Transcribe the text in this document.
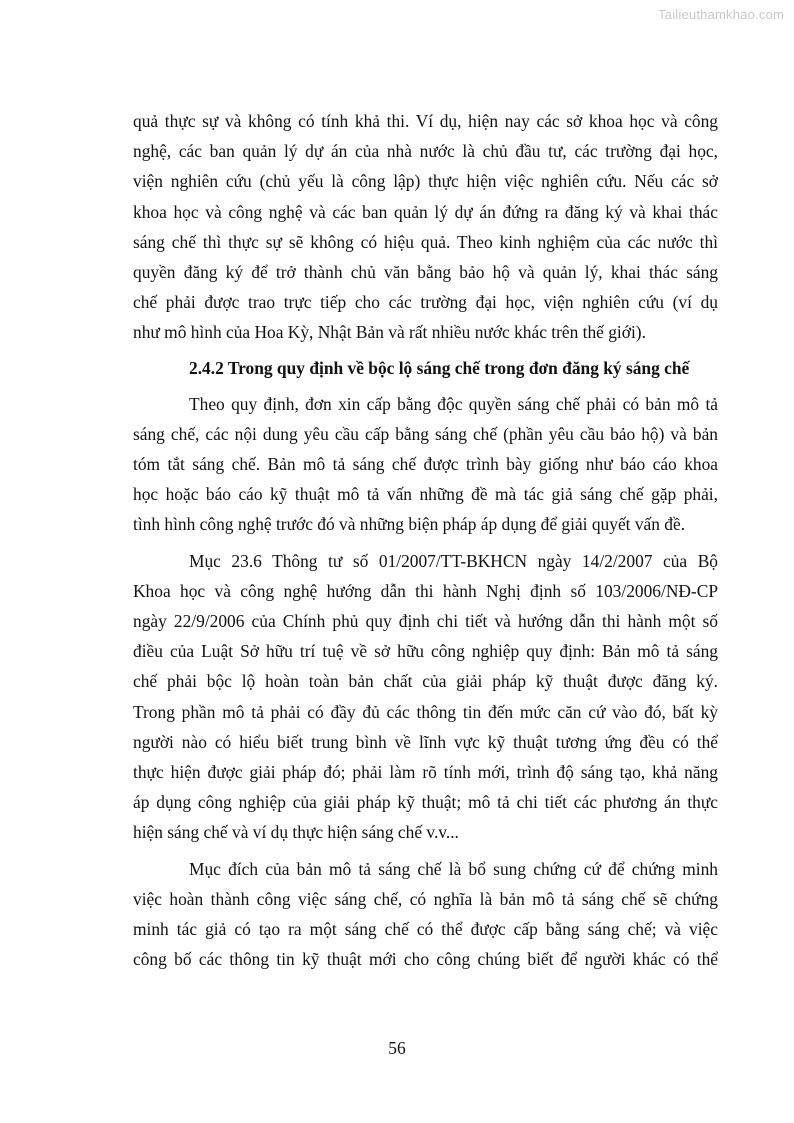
Tailieuthamkhao.com

quả thực sự và không có tính khả thi. Ví dụ, hiện nay các sở khoa học và công
nghệ, các ban quản lý dự án của nhà nước là chủ đầu tư, các trường đại học,
viện nghiên cứu (chủ yếu là công lập) thực hiện việc nghiên cứu. Nếu các sở
khoa học và công nghệ và các ban quản lý dự án đứng ra đăng ký và khai thác
sáng chế thì thực sự sẽ không có hiệu quả. Theo kinh nghiệm của các nước thì
quyền đăng ký để trở thành chủ văn bằng bảo hộ và quản lý, khai thác sáng
chế phải được trao trực tiếp cho các trường đại học, viện nghiên cứu (ví dụ
như mô hình của Hoa Kỳ, Nhật Bản và rất nhiều nước khác trên thế giới).

2.4.2 Trong quy định về bộc lộ sáng chế trong đơn đăng ký sáng chế

Theo quy định, đơn xin cấp bằng độc quyền sáng chế phải có bản mô tả
sáng chế, các nội dung yêu cầu cấp bằng sáng chế (phần yêu cầu bảo hộ) và bản
tóm tắt sáng chế. Bản mô tả sáng chế được trình bày giống như báo cáo khoa
học hoặc báo cáo kỹ thuật mô tả vấn những đề mà tác giả sáng chế gặp phải,
tình hình công nghệ trước đó và những biện pháp áp dụng để giải quyết vấn đề.

Mục 23.6 Thông tư số 01/2007/TT-BKHCN ngày 14/2/2007 của Bộ
Khoa học và công nghệ hướng dẫn thi hành Nghị định số 103/2006/NĐ-CP
ngày 22/9/2006 của Chính phủ quy định chi tiết và hướng dẫn thi hành một số
điều của Luật Sở hữu trí tuệ về sở hữu công nghiệp quy định: Bản mô tả sáng
chế phải bộc lộ hoàn toàn bản chất của giải pháp kỹ thuật được đăng ký.
Trong phần mô tả phải có đầy đủ các thông tin đến mức căn cứ vào đó, bất kỳ
người nào có hiểu biết trung bình về lĩnh vực kỹ thuật tương ứng đều có thể
thực hiện được giải pháp đó; phải làm rõ tính mới, trình độ sáng tạo, khả năng
áp dụng công nghiệp của giải pháp kỹ thuật; mô tả chi tiết các phương án thực
hiện sáng chế và ví dụ thực hiện sáng chế v.v...

Mục đích của bản mô tả sáng chế là bổ sung chứng cứ để chứng minh
việc hoàn thành công việc sáng chế, có nghĩa là bản mô tả sáng chế sẽ chứng
minh tác giả có tạo ra một sáng chế có thể được cấp bằng sáng chế; và việc
công bố các thông tin kỹ thuật mới cho công chúng biết để người khác có thể

56
